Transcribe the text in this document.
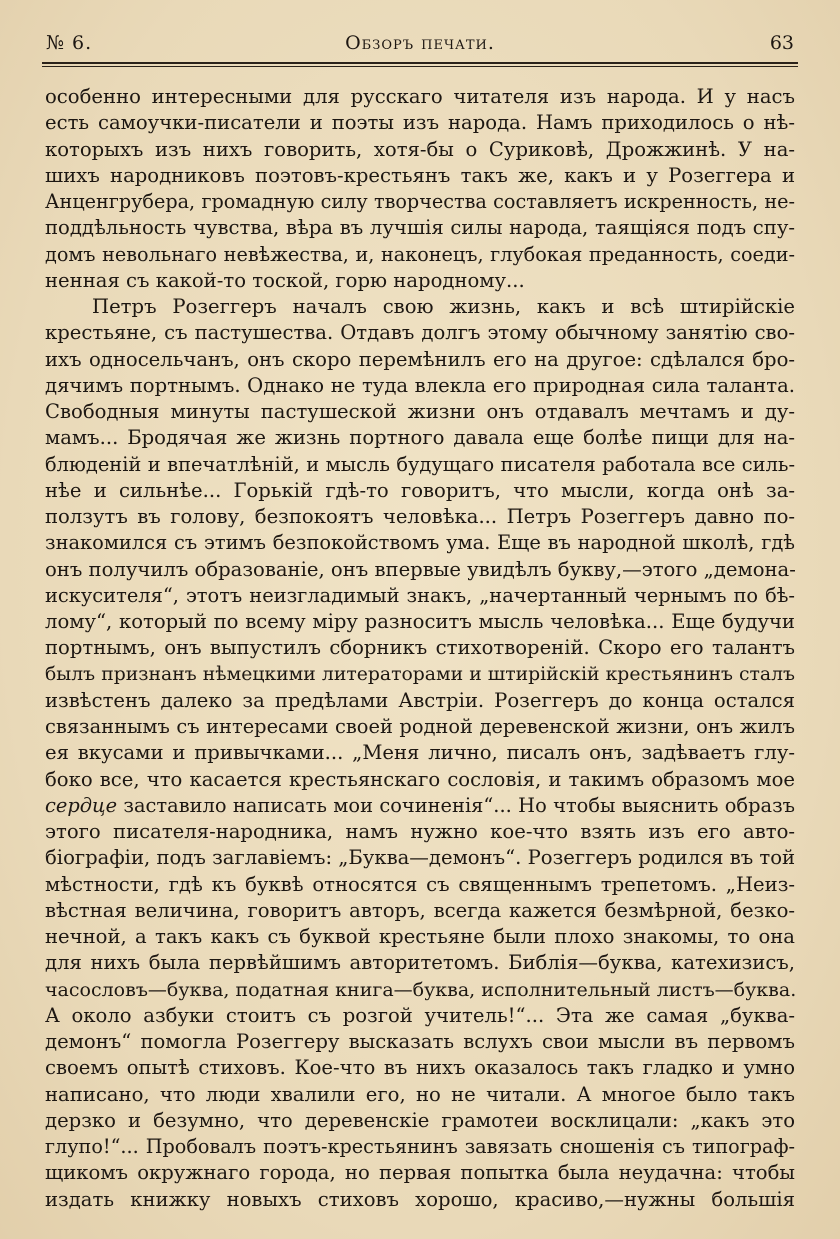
№ 6.	Обзоръ печати.	63
особенно интересными для русскаго читателя изъ народа. И у насъ
есть самоучки-писатели и поэты изъ народа. Намъ приходилось о нѣ-
которыхъ изъ нихъ говорить, хотя-бы о Суриковѣ, Дрожжинѣ. У на-
шихъ народниковъ поэтовъ-крестьянъ такъ же, какъ и у Розеггера и
Анценгрубера, громадную силу творчества составляетъ искренность, не-
поддѣльность чувства, вѣра въ лучшія силы народа, таящіяся подъ спу-
домъ невольнаго невѣжества, и, наконецъ, глубокая преданность, соеди-
ненная съ какой-то тоской, горю народному...
Петръ Розеггеръ началъ свою жизнь, какъ и всѣ штирійскіе
крестьяне, съ пастушества. Отдавъ долгъ этому обычному занятію сво-
ихъ односельчанъ, онъ скоро перемѣнилъ его на другое: сдѣлался бро-
дячимъ портнымъ. Однако не туда влекла его природная сила таланта.
Свободныя минуты пастушеской жизни онъ отдавалъ мечтамъ и ду-
мамъ... Бродячая же жизнь портного давала еще болѣе пищи для на-
блюденій и впечатлѣній, и мысль будущаго писателя работала все силь-
нѣе и сильнѣе... Горькій гдѣ-то говоритъ, что мысли, когда онѣ за-
ползутъ въ голову, безпокоятъ человѣка... Петръ Розеггеръ давно по-
знакомился съ этимъ безпокойствомъ ума. Еще въ народной школѣ, гдѣ
онъ получилъ образованіе, онъ впервые увидѣлъ букву,—этого „демона-
искусителя“, этотъ неизгладимый знакъ, „начертанный чернымъ по бѣ-
лому“, который по всему міру разноситъ мысль человѣка... Еще будучи
портнымъ, онъ выпустилъ сборникъ стихотвореній. Скоро его талантъ
былъ признанъ нѣмецкими литераторами и штирійскій крестьянинъ сталъ
извѣстенъ далеко за предѣлами Австріи. Розеггеръ до конца остался
связаннымъ съ интересами своей родной деревенской жизни, онъ жилъ
ея вкусами и привычками... „Меня лично, писалъ онъ, задѣваетъ глу-
боко все, что касается крестьянскаго сословія, и такимъ образомъ мое
сердце заставило написать мои сочиненія“... Но чтобы выяснить образъ
этого писателя-народника, намъ нужно кое-что взять изъ его авто-
біографіи, подъ заглавіемъ: „Буква—демонъ“. Розеггеръ родился въ той
мѣстности, гдѣ къ буквѣ относятся съ священнымъ трепетомъ. „Неиз-
вѣстная величина, говоритъ авторъ, всегда кажется безмѣрной, безко-
нечной, а такъ какъ съ буквой крестьяне были плохо знакомы, то она
для нихъ была первѣйшимъ авторитетомъ. Библія—буква, катехизисъ,
часословъ—буква, податная книга—буква, исполнительный листъ—буква.
А около азбуки стоитъ съ розгой учитель!“... Эта же самая „буква-
демонъ“ помогла Розеггеру высказать вслухъ свои мысли въ первомъ
своемъ опытѣ стиховъ. Кое-что въ нихъ оказалось такъ гладко и умно
написано, что люди хвалили его, но не читали. А многое было такъ
дерзко и безумно, что деревенскіе грамотеи восклицали: „какъ это
глупо!“... Пробовалъ поэтъ-крестьянинъ завязать сношенія съ типограф-
щикомъ окружнаго города, но первая попытка была неудачна: чтобы
издать книжку новыхъ стиховъ хорошо, красиво,—нужны большія
